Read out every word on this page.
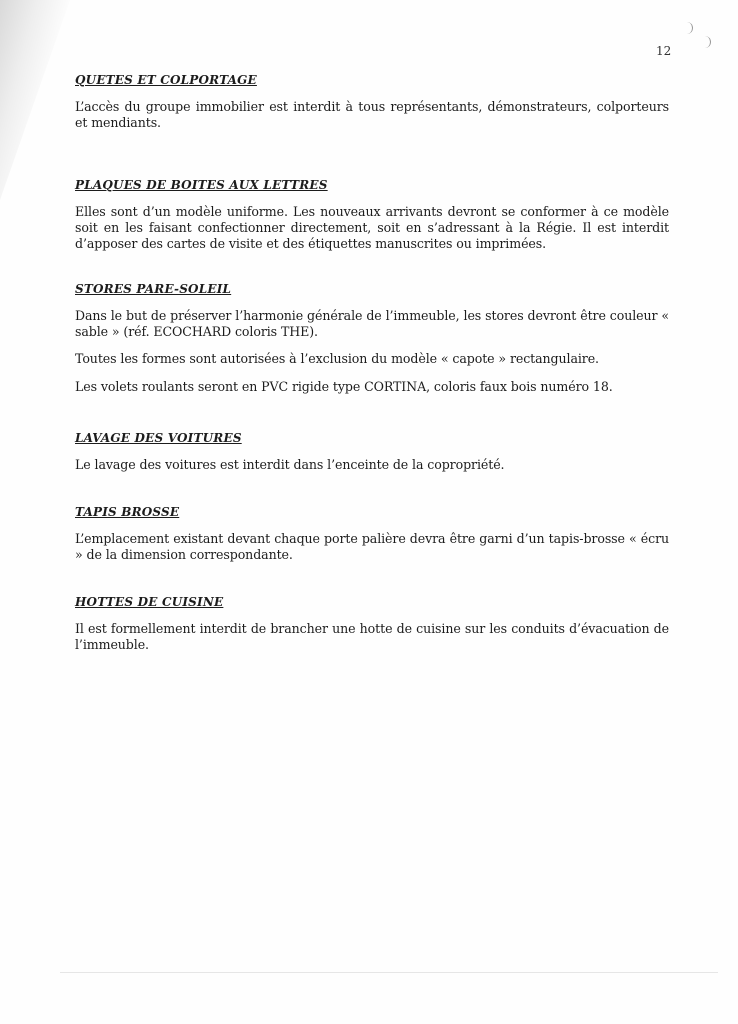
12

QUETES ET COLPORTAGE

L’accès du groupe immobilier est interdit à tous représentants, démonstrateurs, colporteurs et mendiants.

PLAQUES DE BOITES AUX LETTRES

Elles sont d’un modèle uniforme. Les nouveaux arrivants devront se conformer à ce modèle soit en les faisant confectionner directement, soit en s’adressant à la Régie. Il est interdit d’apposer des cartes de visite et des étiquettes manuscrites ou imprimées.

STORES PARE-SOLEIL

Dans le but de préserver l’harmonie générale de l’immeuble, les stores devront être couleur « sable » (réf. ECOCHARD coloris THE).

Toutes les formes sont autorisées à l’exclusion du modèle « capote » rectangulaire.

Les volets roulants seront en PVC rigide type CORTINA, coloris faux bois numéro 18.

LAVAGE DES VOITURES

Le lavage des voitures est interdit dans l’enceinte de la copropriété.

TAPIS BROSSE

L’emplacement existant devant chaque porte palière devra être garni d’un tapis-brosse « écru » de la dimension correspondante.

HOTTES DE CUISINE

Il est formellement interdit de brancher une hotte de cuisine sur les conduits d’évacuation de l’immeuble.
